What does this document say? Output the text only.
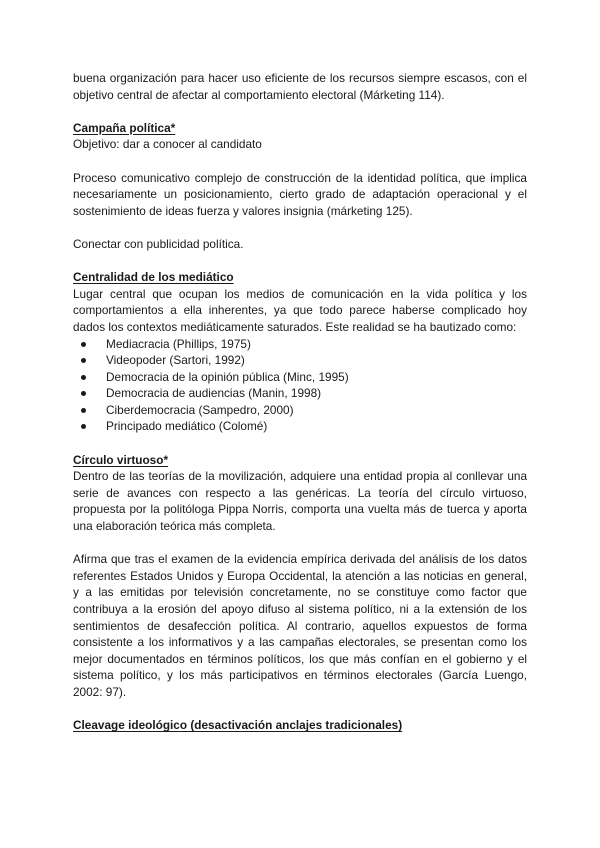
buena organización para hacer uso eficiente de los recursos siempre escasos, con el objetivo central de afectar al comportamiento electoral (Márketing 114).

Campaña política*

Objetivo: dar a conocer al candidato

Proceso comunicativo complejo de construcción de la identidad política, que implica necesariamente un posicionamiento, cierto grado de adaptación operacional y el sostenimiento de ideas fuerza y valores insignia (márketing 125).

Conectar con publicidad política.

Centralidad de los mediático

Lugar central que ocupan los medios de comunicación en la vida política y los comportamientos a ella inherentes, ya que todo parece haberse complicado hoy dados los contextos mediáticamente saturados. Este realidad se ha bautizado como:

Mediacracia (Phillips, 1975)
Videopoder (Sartori, 1992)
Democracia de la opinión pública (Minc, 1995)
Democracia de audiencias (Manin, 1998)
Ciberdemocracia (Sampedro, 2000)
Principado mediático (Colomé)
Círculo virtuoso*

Dentro de las teorías de la movilización, adquiere una entidad propia al conllevar una serie de avances con respecto a las genéricas. La teoría del círculo virtuoso, propuesta por la politóloga Pippa Norris, comporta una vuelta más de tuerca y aporta una elaboración teórica más completa.

Afirma que tras el examen de la evidencia empírica derivada del análisis de los datos referentes Estados Unidos y Europa Occidental, la atención a las noticias en general, y a las emitidas por televisión concretamente, no se constituye como factor que contribuya a la erosión del apoyo difuso al sistema político, ni a la extensión de los sentimientos de desafección política. Al contrario, aquellos expuestos de forma consistente a los informativos y a las campañas electorales, se presentan como los mejor documentados en términos políticos, los que más confían en el gobierno y el sistema político, y los más participativos en términos electorales (García Luengo, 2002: 97).

Cleavage ideológico (desactivación anclajes tradicionales)
